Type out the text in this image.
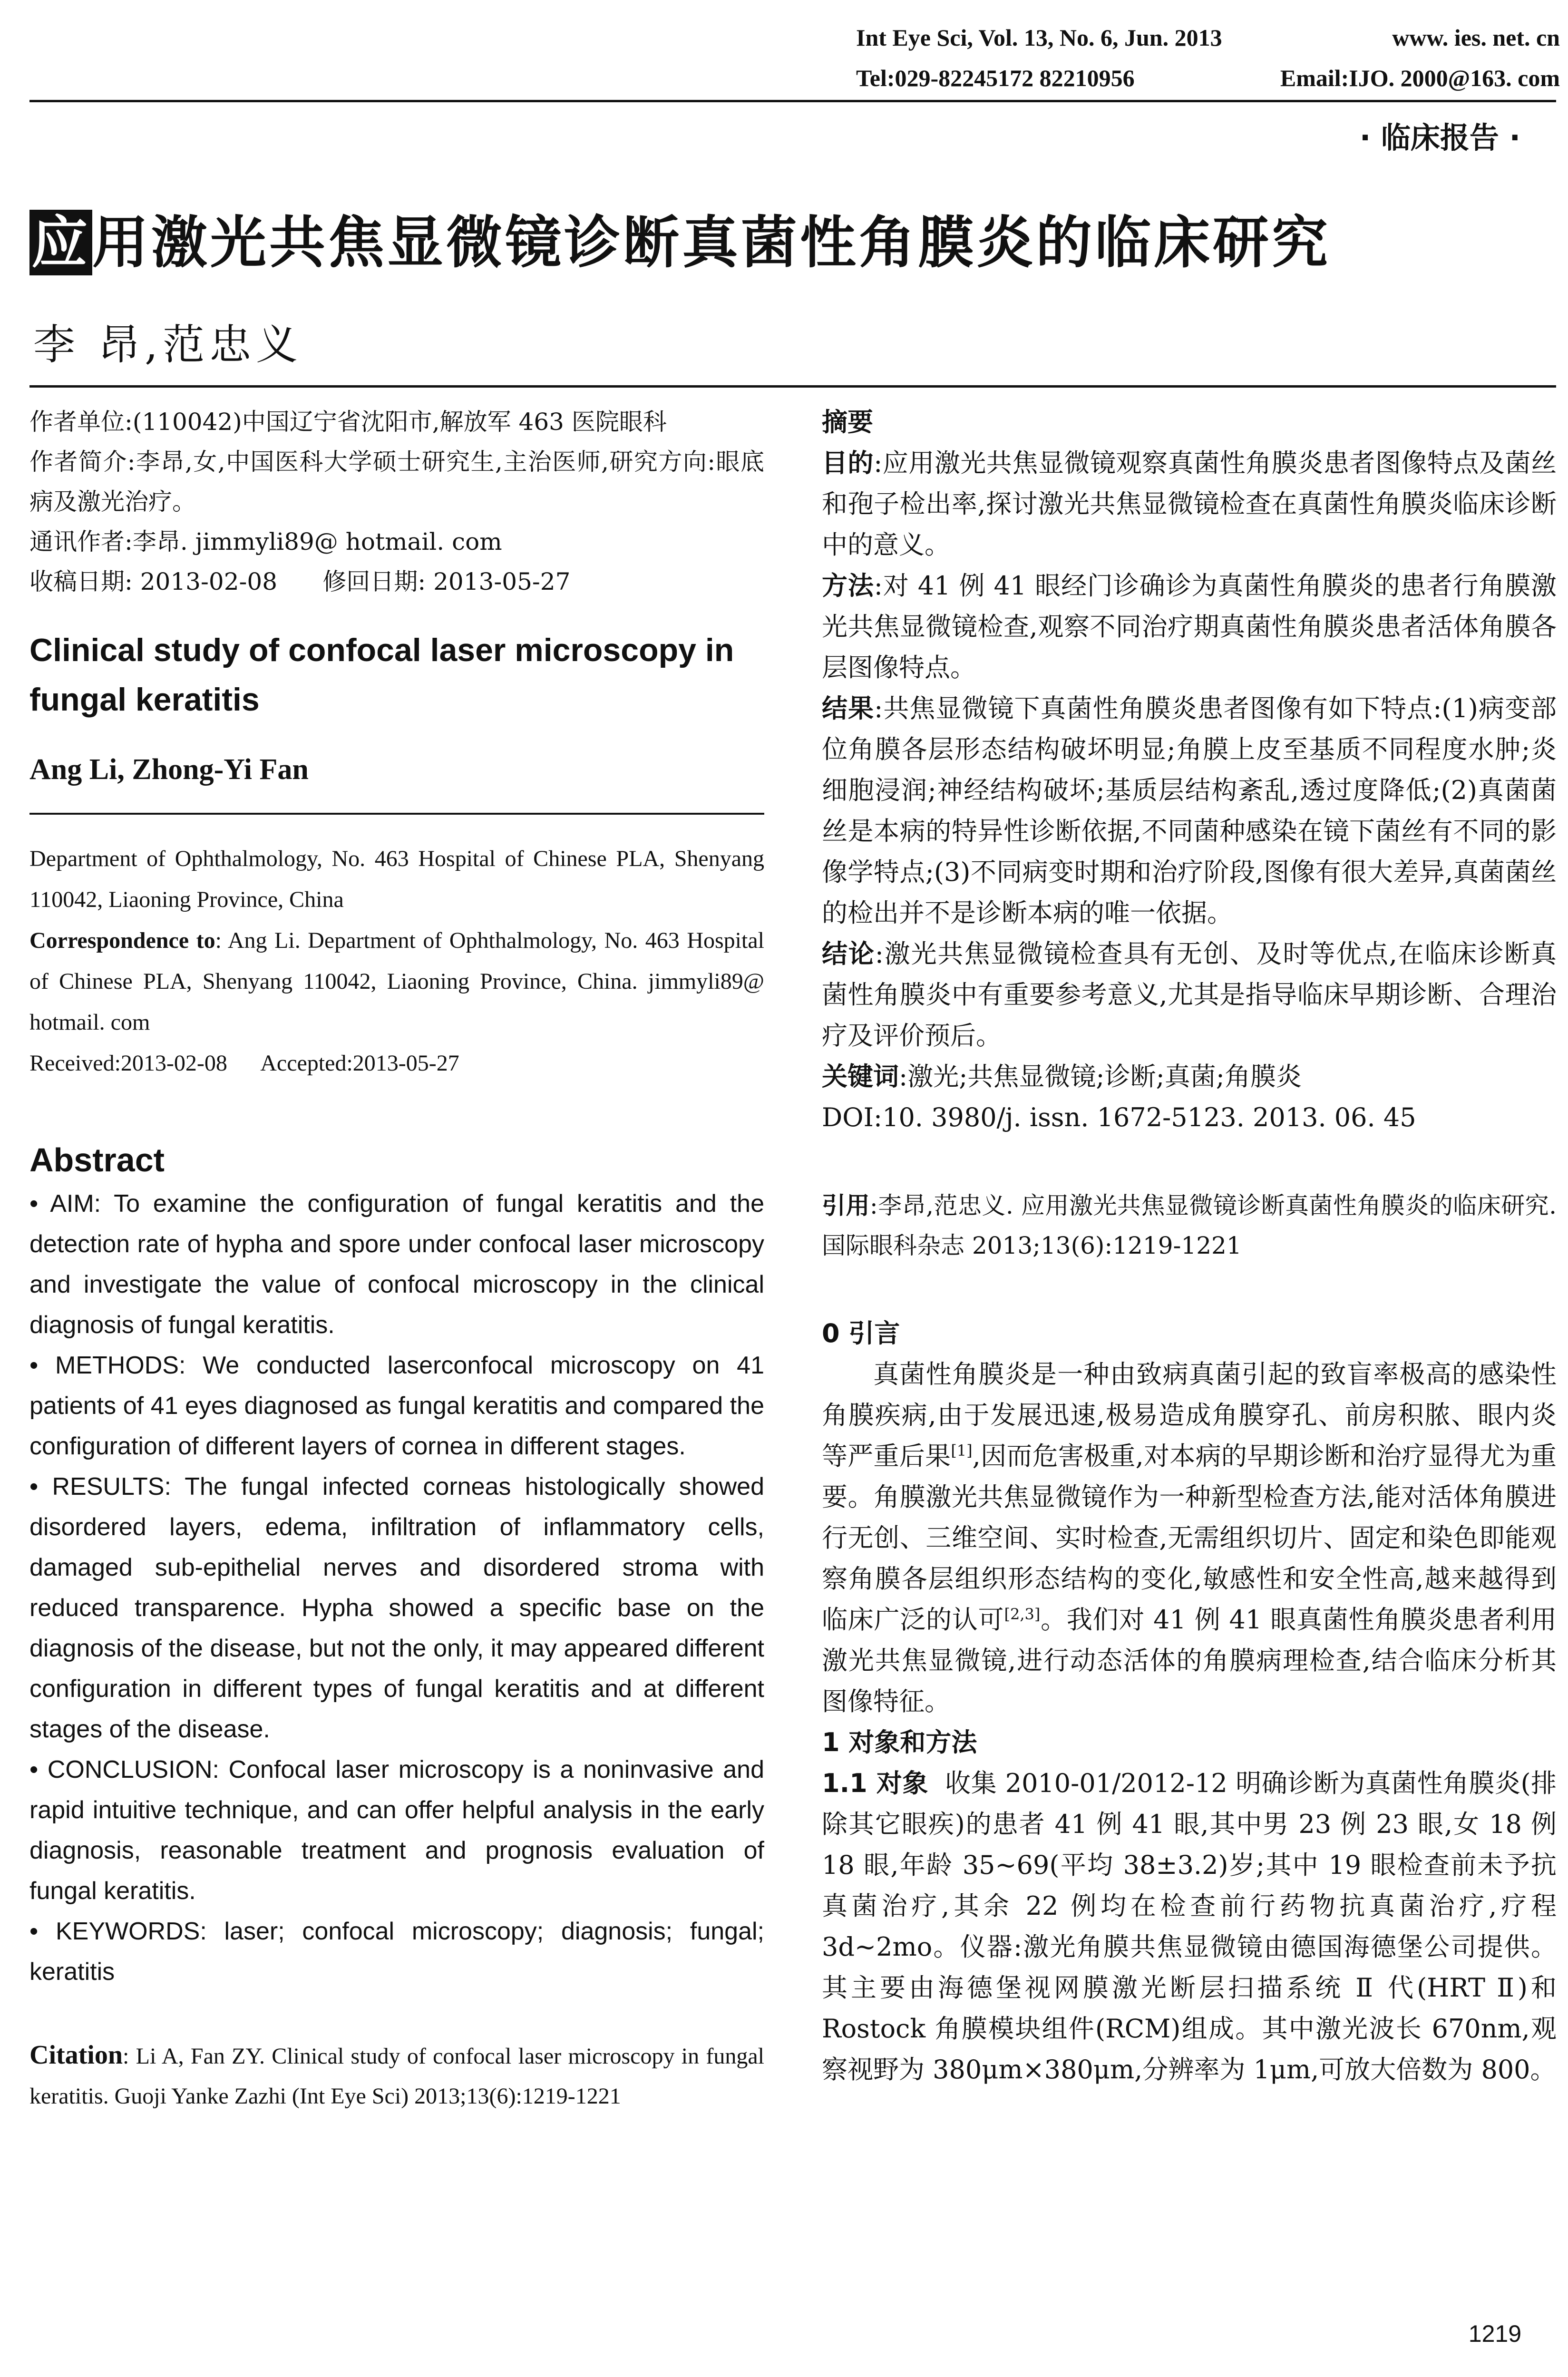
Int Eye Sci, Vol. 13, No. 6, Jun. 2013	www. ies. net. cn
Tel:029-82245172 82210956	Email:IJO. 2000@163. com
· 临床报告 ·
应用激光共焦显微镜诊断真菌性角膜炎的临床研究
李 昂,范忠义

作者单位:(110042)中国辽宁省沈阳市,解放军 463 医院眼科

作者简介:李昂,女,中国医科大学硕士研究生,主治医师,研究方向:眼底病及激光治疗。

通讯作者:李昂. jimmyli89@ hotmail. com

收稿日期: 2013-02-08      修回日期: 2013-05-27

Clinical study of confocal laser microscopy in fungal keratitis
Ang Li, Zhong-Yi Fan
Department of Ophthalmology, No. 463 Hospital of Chinese PLA, Shenyang 110042, Liaoning Province, China
Correspondence to: Ang Li. Department of Ophthalmology, No. 463 Hospital of Chinese PLA, Shenyang 110042, Liaoning Province, China. jimmyli89@ hotmail. com
Received:2013-02-08      Accepted:2013-05-27
Abstract
• AIM: To examine the configuration of fungal keratitis and the detection rate of hypha and spore under confocal laser microscopy and investigate the value of confocal microscopy in the clinical diagnosis of fungal keratitis.
• METHODS: We conducted laserconfocal microscopy on 41 patients of 41 eyes diagnosed as fungal keratitis and compared the configuration of different layers of cornea in different stages.
• RESULTS: The fungal infected corneas histologically showed disordered layers, edema, infiltration of inflammatory cells, damaged sub-epithelial nerves and disordered stroma with reduced transparence. Hypha showed a specific base on the diagnosis of the disease, but not the only, it may appeared different configuration in different types of fungal keratitis and at different stages of the disease.
• CONCLUSION: Confocal laser microscopy is a noninvasive and rapid intuitive technique, and can offer helpful analysis in the early diagnosis, reasonable treatment and prognosis evaluation of fungal keratitis.
• KEYWORDS: laser; confocal microscopy; diagnosis; fungal; keratitis
Citation: Li A, Fan ZY. Clinical study of confocal laser microscopy in fungal keratitis. Guoji Yanke Zazhi (Int Eye Sci) 2013;13(6):1219-1221
摘要

目的:应用激光共焦显微镜观察真菌性角膜炎患者图像特点及菌丝和孢子检出率,探讨激光共焦显微镜检查在真菌性角膜炎临床诊断中的意义。

方法:对 41 例 41 眼经门诊确诊为真菌性角膜炎的患者行角膜激光共焦显微镜检查,观察不同治疗期真菌性角膜炎患者活体角膜各层图像特点。

结果:共焦显微镜下真菌性角膜炎患者图像有如下特点:(1)病变部位角膜各层形态结构破坏明显;角膜上皮至基质不同程度水肿;炎细胞浸润;神经结构破坏;基质层结构紊乱,透过度降低;(2)真菌菌丝是本病的特异性诊断依据,不同菌种感染在镜下菌丝有不同的影像学特点;(3)不同病变时期和治疗阶段,图像有很大差异,真菌菌丝的检出并不是诊断本病的唯一依据。

结论:激光共焦显微镜检查具有无创、及时等优点,在临床诊断真菌性角膜炎中有重要参考意义,尤其是指导临床早期诊断、合理治疗及评价预后。

关键词:激光;共焦显微镜;诊断;真菌;角膜炎

DOI:10. 3980/j. issn. 1672-5123. 2013. 06. 45

引用:李昂,范忠义. 应用激光共焦显微镜诊断真菌性角膜炎的临床研究. 国际眼科杂志 2013;13(6):1219-1221

0 引言

真菌性角膜炎是一种由致病真菌引起的致盲率极高的感染性角膜疾病,由于发展迅速,极易造成角膜穿孔、前房积脓、眼内炎等严重后果[1],因而危害极重,对本病的早期诊断和治疗显得尤为重要。角膜激光共焦显微镜作为一种新型检查方法,能对活体角膜进行无创、三维空间、实时检查,无需组织切片、固定和染色即能观察角膜各层组织形态结构的变化,敏感性和安全性高,越来越得到临床广泛的认可[2,3]。我们对 41 例 41 眼真菌性角膜炎患者利用激光共焦显微镜,进行动态活体的角膜病理检查,结合临床分析其图像特征。

1 对象和方法

1.1 对象  收集 2010-01/2012-12 明确诊断为真菌性角膜炎(排除其它眼疾)的患者 41 例 41 眼,其中男 23 例 23 眼,女 18 例 18 眼,年龄 35~69(平均 38±3.2)岁;其中 19 眼检查前未予抗真菌治疗,其余 22 例均在检查前行药物抗真菌治疗,疗程 3d~2mo。仪器:激光角膜共焦显微镜由德国海德堡公司提供。其主要由海德堡视网膜激光断层扫描系统 Ⅱ 代(HRT Ⅱ)和 Rostock 角膜模块组件(RCM)组成。其中激光波长 670nm,观察视野为 380μm×380μm,分辨率为 1μm,可放大倍数为 800。

1219
